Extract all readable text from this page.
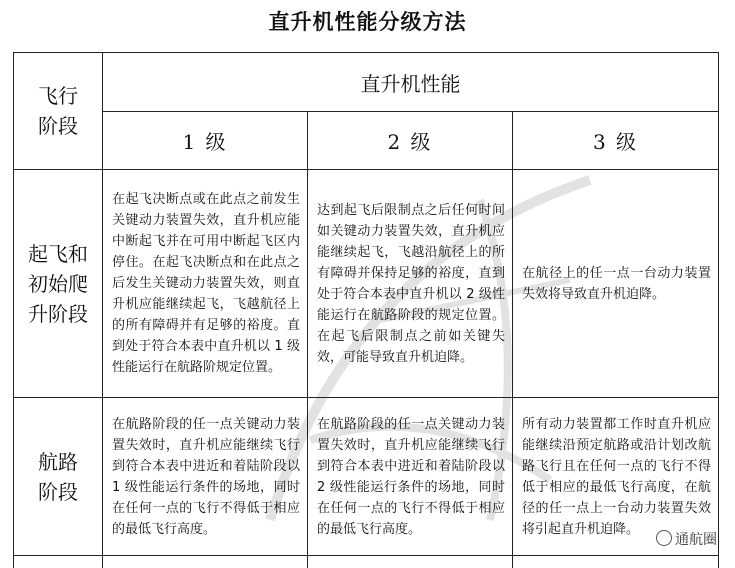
直升机性能分级方法
飞行
阶段	直升机性能		
	1 级	2 级	3 级

起飞和
初始爬
升阶段	在起飞决断点或在此点之前发生关键动力装置失效，直升机应能中断起飞并在可用中断起飞区内停住。在起飞决断点和在此点之后发生关键动力装置失效，则直升机应能继续起飞，飞越航径上的所有障碍并有足够的裕度。直到处于符合本表中直升机以 1 级性能运行在航路阶规定位置。	达到起飞后限制点之后任何时间如关键动力装置失效，直升机应能继续起飞，飞越沿航径上的所有障碍并保持足够的裕度，直到处于符合本表中直升机以 2 级性能运行在航路阶段的规定位置。在起飞后限制点之前如关键失效，可能导致直升机迫降。	在航径上的任一点一台动力装置失效将导致直升机迫降。

航路
阶段	在航路阶段的任一点关键动力装置失效时，直升机应能继续飞行到符合本表中进近和着陆阶段以 1 级性能运行条件的场地，同时在任何一点的飞行不得低于相应的最低飞行高度。	在航路阶段的任一点关键动力装置失效时，直升机应能继续飞行到符合本表中进近和着陆阶段以 2 级性能运行条件的场地，同时在任何一点的飞行不得低于相应的最低飞行高度。	所有动力装置都工作时直升机应能继续沿预定航路或沿计划改航路飞行且在任何一点的飞行不得低于相应的最低飞行高度，在航径的任一点上一台动力装置失效将引起直升机迫降。

通航圈
